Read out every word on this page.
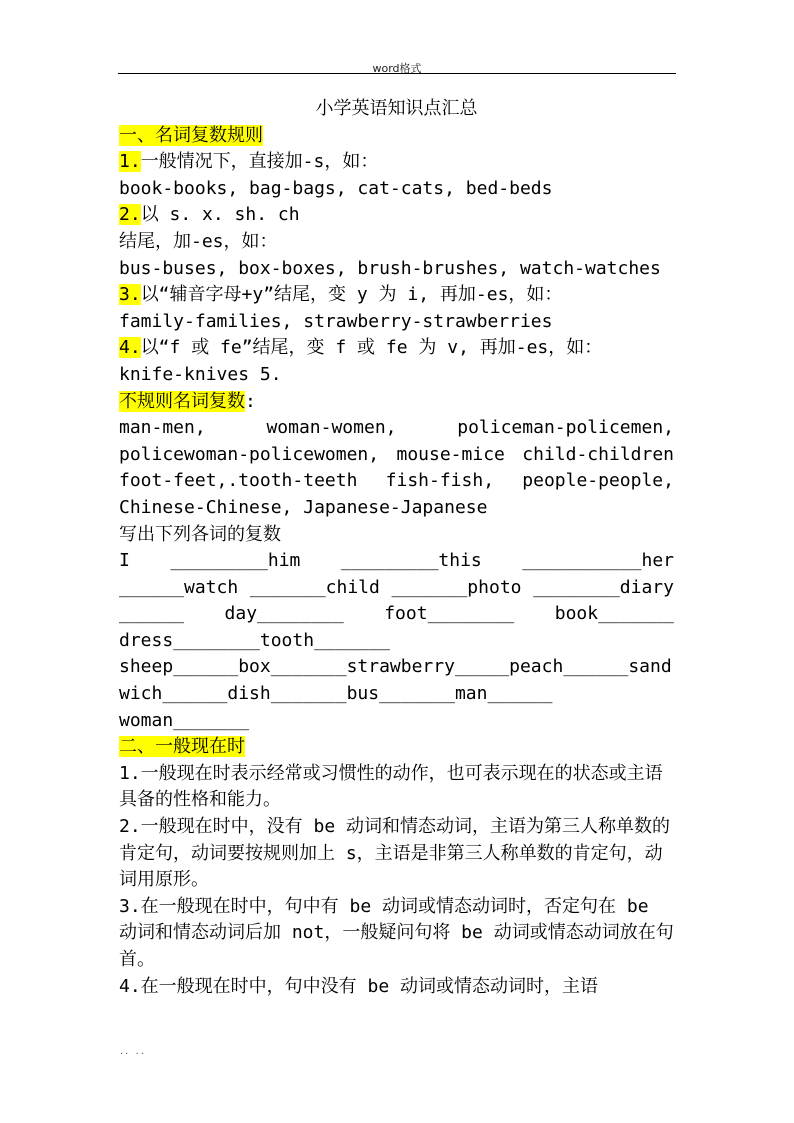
word格式
小学英语知识点汇总
一、名词复数规则
1.一般情况下，直接加-s，如：
book-books, bag-bags, cat-cats, bed-beds
2.以 s. x. sh. ch
结尾，加-es，如：
bus-buses, box-boxes, brush-brushes, watch-watches
3.以“辅音字母+y”结尾，变 y 为 i, 再加-es，如：
family-families, strawberry-strawberries
4.以“f 或 fe”结尾，变 f 或 fe 为 v, 再加-es，如：
knife-knives 5.
不规则名词复数:
man-men,	woman-women,	policeman-policemen,
policewoman-policewomen, mouse-mice child-children
foot-feet,.tooth-teeth fish-fish, people-people,
Chinese-Chinese, Japanese-Japanese
写出下列各词的复数
I _________him _________this ___________her
______watch _______child _______photo ________diary
______ day________ foot________ book_______
dress________tooth_______
sheep______box_______strawberry_____peach______sand
wich______dish_______bus_______man______
woman_______
二、一般现在时

1.一般现在时表示经常或习惯性的动作，也可表示现在的状态或主语具备的性格和能力。

2.一般现在时中，没有 be 动词和情态动词，主语为第三人称单数的肯定句，动词要按规则加上 s，主语是非第三人称单数的肯定句，动词用原形。

3.在一般现在时中，句中有 be 动词或情态动词时，否定句在 be 动词和情态动词后加 not，一般疑问句将 be 动词或情态动词放在句首。

4.在一般现在时中，句中没有 be 动词或情态动词时，主语

.. ..
